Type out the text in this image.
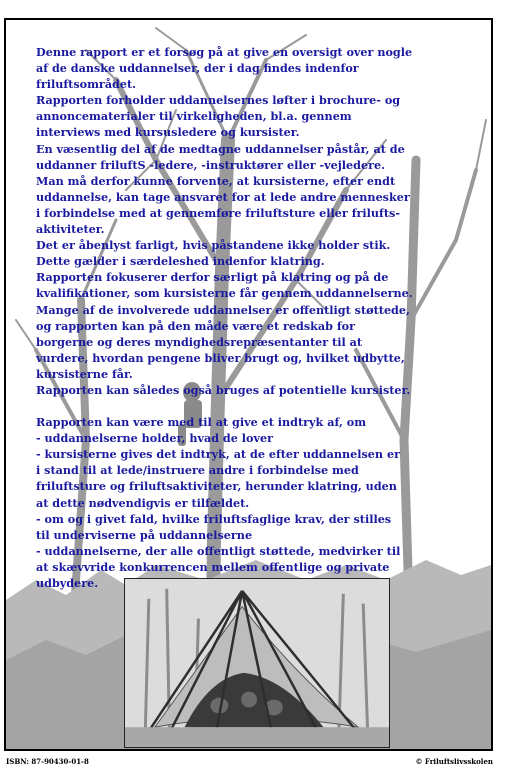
Denne rapport er et forsøg på at give en oversigt over nogle

af de danske uddannelser, der i dag findes indenfor

friluftsområdet.

Rapporten forholder uddannelsernes løfter i brochure- og

annoncematerialer til virkeligheden, bl.a. gennem

interviews med kursusledere og kursister.

En væsentlig del af de medtagne uddannelser påstår, at de

uddanner friluftS -ledere, -instruktører eller -vejledere.

Man må derfor kunne forvente, at kursisterne, efter endt

uddannelse, kan tage ansvaret for at lede andre mennesker

i forbindelse med at gennemføre friluftsture eller frilufts-

aktiviteter.

Det er åbenlyst farligt, hvis påstandene ikke holder stik.

Dette gælder i særdeleshed indenfor klatring.

Rapporten fokuserer derfor særligt på klatring og på de

kvalifikationer, som kursisterne får gennem uddannelserne.

Mange af de involverede uddannelser er offentligt støttede,

og rapporten kan på den måde være et redskab for

borgerne og deres myndighedsrepræsentanter til at

vurdere, hvordan pengene bliver brugt og, hvilket udbytte,

kursisterne får.

Rapporten kan således også bruges af potentielle kursister.

Rapporten kan være med til at give et indtryk af, om

- uddannelserne holder, hvad de lover

- kursisterne gives det indtryk, at de efter uddannelsen er

i stand til at lede/instruere andre i forbindelse med

friluftsture og friluftsaktiviteter, herunder klatring, uden

at dette nødvendigvis er tilfældet.

- om og i givet fald, hvilke friluftsfaglige krav, der stilles

til underviserne på uddannelserne

- uddannelserne, der alle offentligt støttede, medvirker til

at skævvride konkurrencen mellem offentlige og private

udbydere.

ISBN: 87-90430-01-8	© Friluftslivsskolen
